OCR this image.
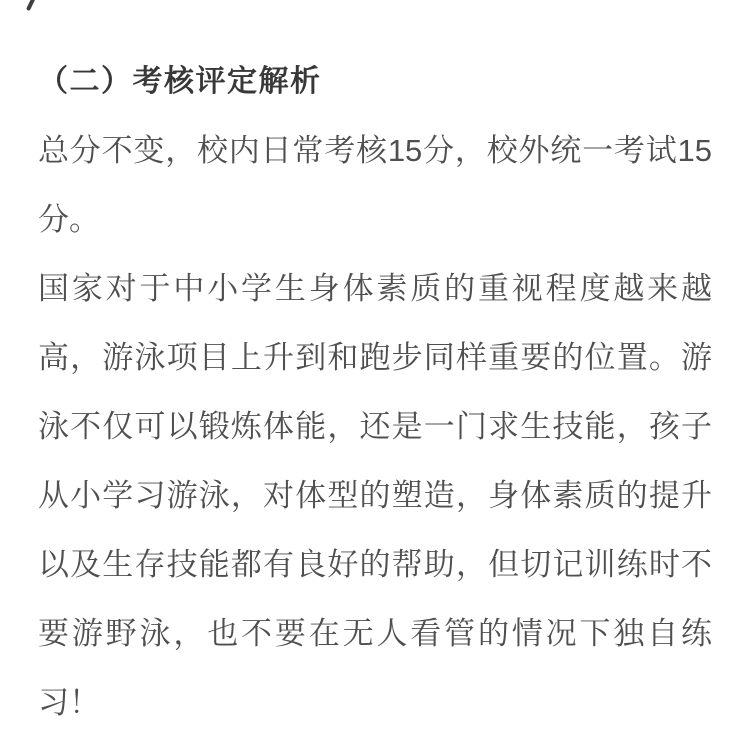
（二）考核评定解析
总分不变，校内日常考核15分，校外统一考试15
分。
国家对于中小学生身体素质的重视程度越来越
高，游泳项目上升到和跑步同样重要的位置。游
泳不仅可以锻炼体能，还是一门求生技能，孩子
从小学习游泳，对体型的塑造，身体素质的提升
以及生存技能都有良好的帮助，但切记训练时不
要游野泳，也不要在无人看管的情况下独自练
习！
